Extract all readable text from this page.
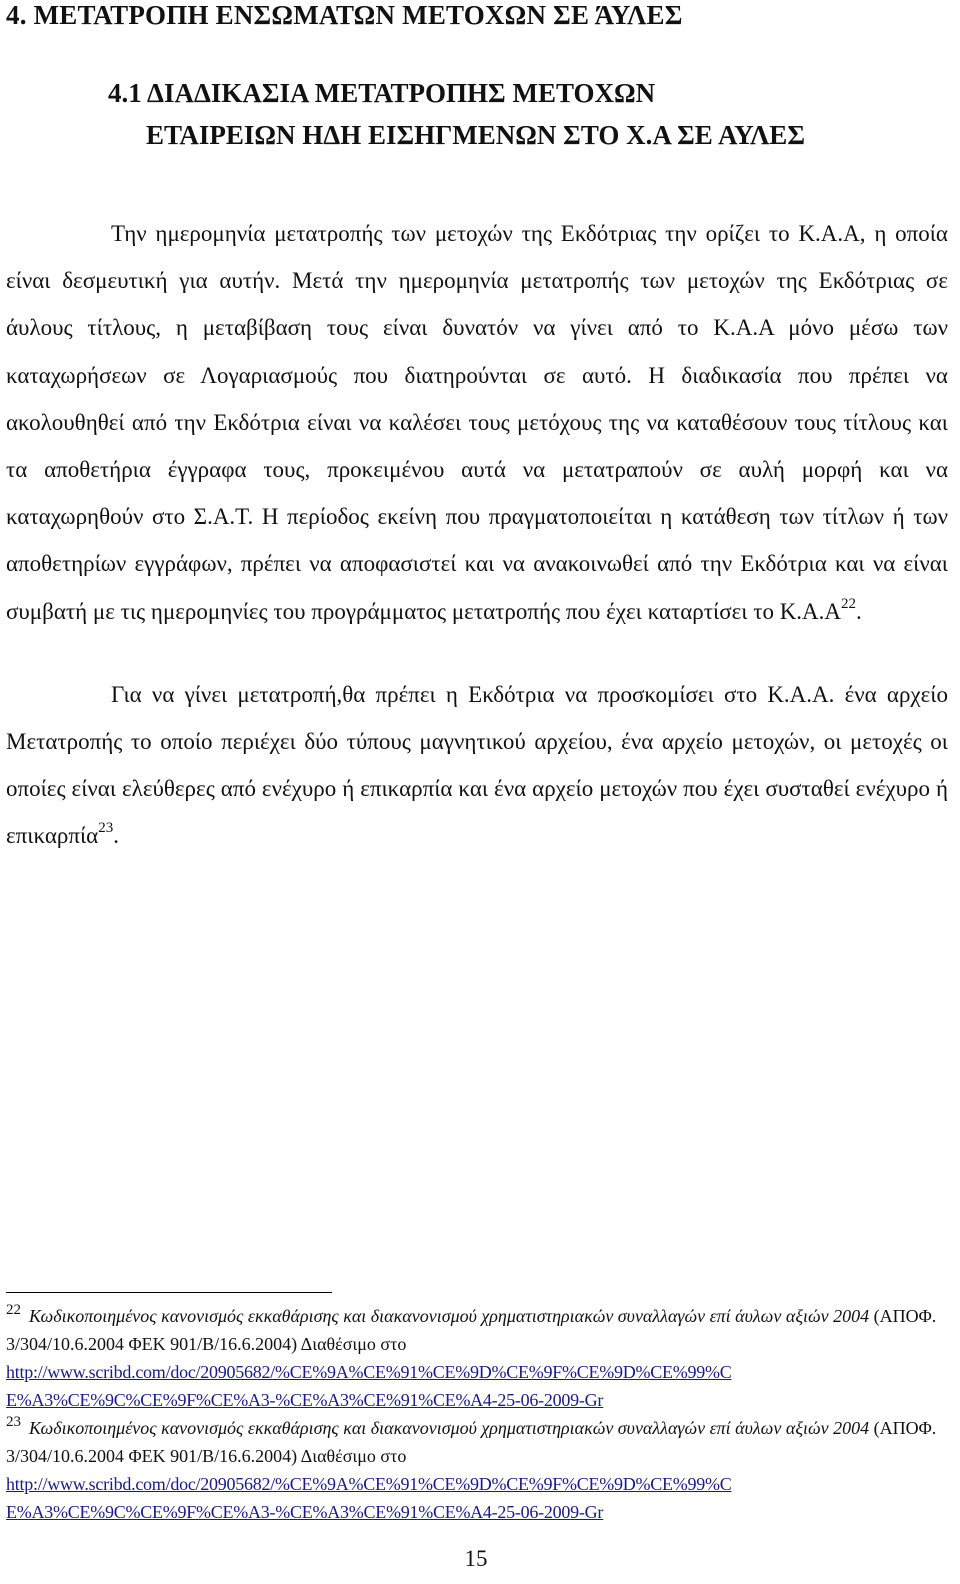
4. ΜΕΤΑΤΡΟΠΗ ΕΝΣΩΜΑΤΩΝ ΜΕΤΟΧΩΝ ΣΕ ΆΥΛΕΣ
4.1 ΔΙΑΔΙΚΑΣΙΑ ΜΕΤΑΤΡΟΠΗΣ ΜΕΤΟΧΩΝ
ΕΤΑΙΡΕΙΩΝ ΗΔΗ ΕΙΣΗΓΜΕΝΩΝ ΣΤΟ Χ.Α ΣΕ ΑΥΛΕΣ

Την ημερομηνία μετατροπής των μετοχών της Εκδότριας την ορίζει το Κ.Α.Α, η οποία είναι δεσμευτική για αυτήν. Μετά την ημερομηνία μετατροπής των μετοχών της Εκδότριας σε άυλους τίτλους, η μεταβίβαση τους είναι δυνατόν να γίνει από το Κ.Α.Α μόνο μέσω των καταχωρήσεων σε Λογαριασμούς που διατηρούνται σε αυτό. Η διαδικασία που πρέπει να ακολουθηθεί από την Εκδότρια είναι να καλέσει τους μετόχους της να καταθέσουν τους τίτλους και τα αποθετήρια έγγραφα τους, προκειμένου αυτά να μετατραπούν σε αυλή μορφή και να καταχωρηθούν στο Σ.Α.Τ. Η περίοδος εκείνη που πραγματοποιείται η κατάθεση των τίτλων ή των αποθετηρίων εγγράφων, πρέπει να αποφασιστεί και να ανακοινωθεί από την Εκδότρια και να είναι συμβατή με τις ημερομηνίες του προγράμματος μετατροπής που έχει καταρτίσει το $K.A.A^{22}$.

Για να γίνει μετατροπή,θα πρέπει η Εκδότρια να προσκομίσει στο Κ.Α.Α. ένα αρχείο Μετατροπής το οποίο περιέχει δύο τύπους μαγνητικού αρχείου, ένα αρχείο μετοχών, οι μετοχές οι οποίες είναι ελεύθερες από ενέχυρο ή επικαρπία και ένα αρχείο μετοχών που έχει συσταθεί ενέχυρο ή επικαρπία$^{23}$.

$^{22}$ Κωδικοποιημένος κανονισμός εκκαθάρισης και διακανονισμού χρηματιστηριακών συναλλαγών επί άυλων αξιών 2004 (ΑΠΟΦ. 3/304/10.6.2004 ΦΕΚ 901/Β/16.6.2004) Διαθέσιμο στο
http://www.scribd.com/doc/20905682/%CE%9A%CE%91%CE%9D%CE%9F%CE%9D%CE%99%C
E%A3%CE%9C%CE%9F%CE%A3-%CE%A3%CE%91%CE%A4-25-06-2009-Gr

$^{23}$ Κωδικοποιημένος κανονισμός εκκαθάρισης και διακανονισμού χρηματιστηριακών συναλλαγών επί άυλων αξιών 2004 (ΑΠΟΦ. 3/304/10.6.2004 ΦΕΚ 901/Β/16.6.2004) Διαθέσιμο στο
http://www.scribd.com/doc/20905682/%CE%9A%CE%91%CE%9D%CE%9F%CE%9D%CE%99%C
E%A3%CE%9C%CE%9F%CE%A3-%CE%A3%CE%91%CE%A4-25-06-2009-Gr

15
